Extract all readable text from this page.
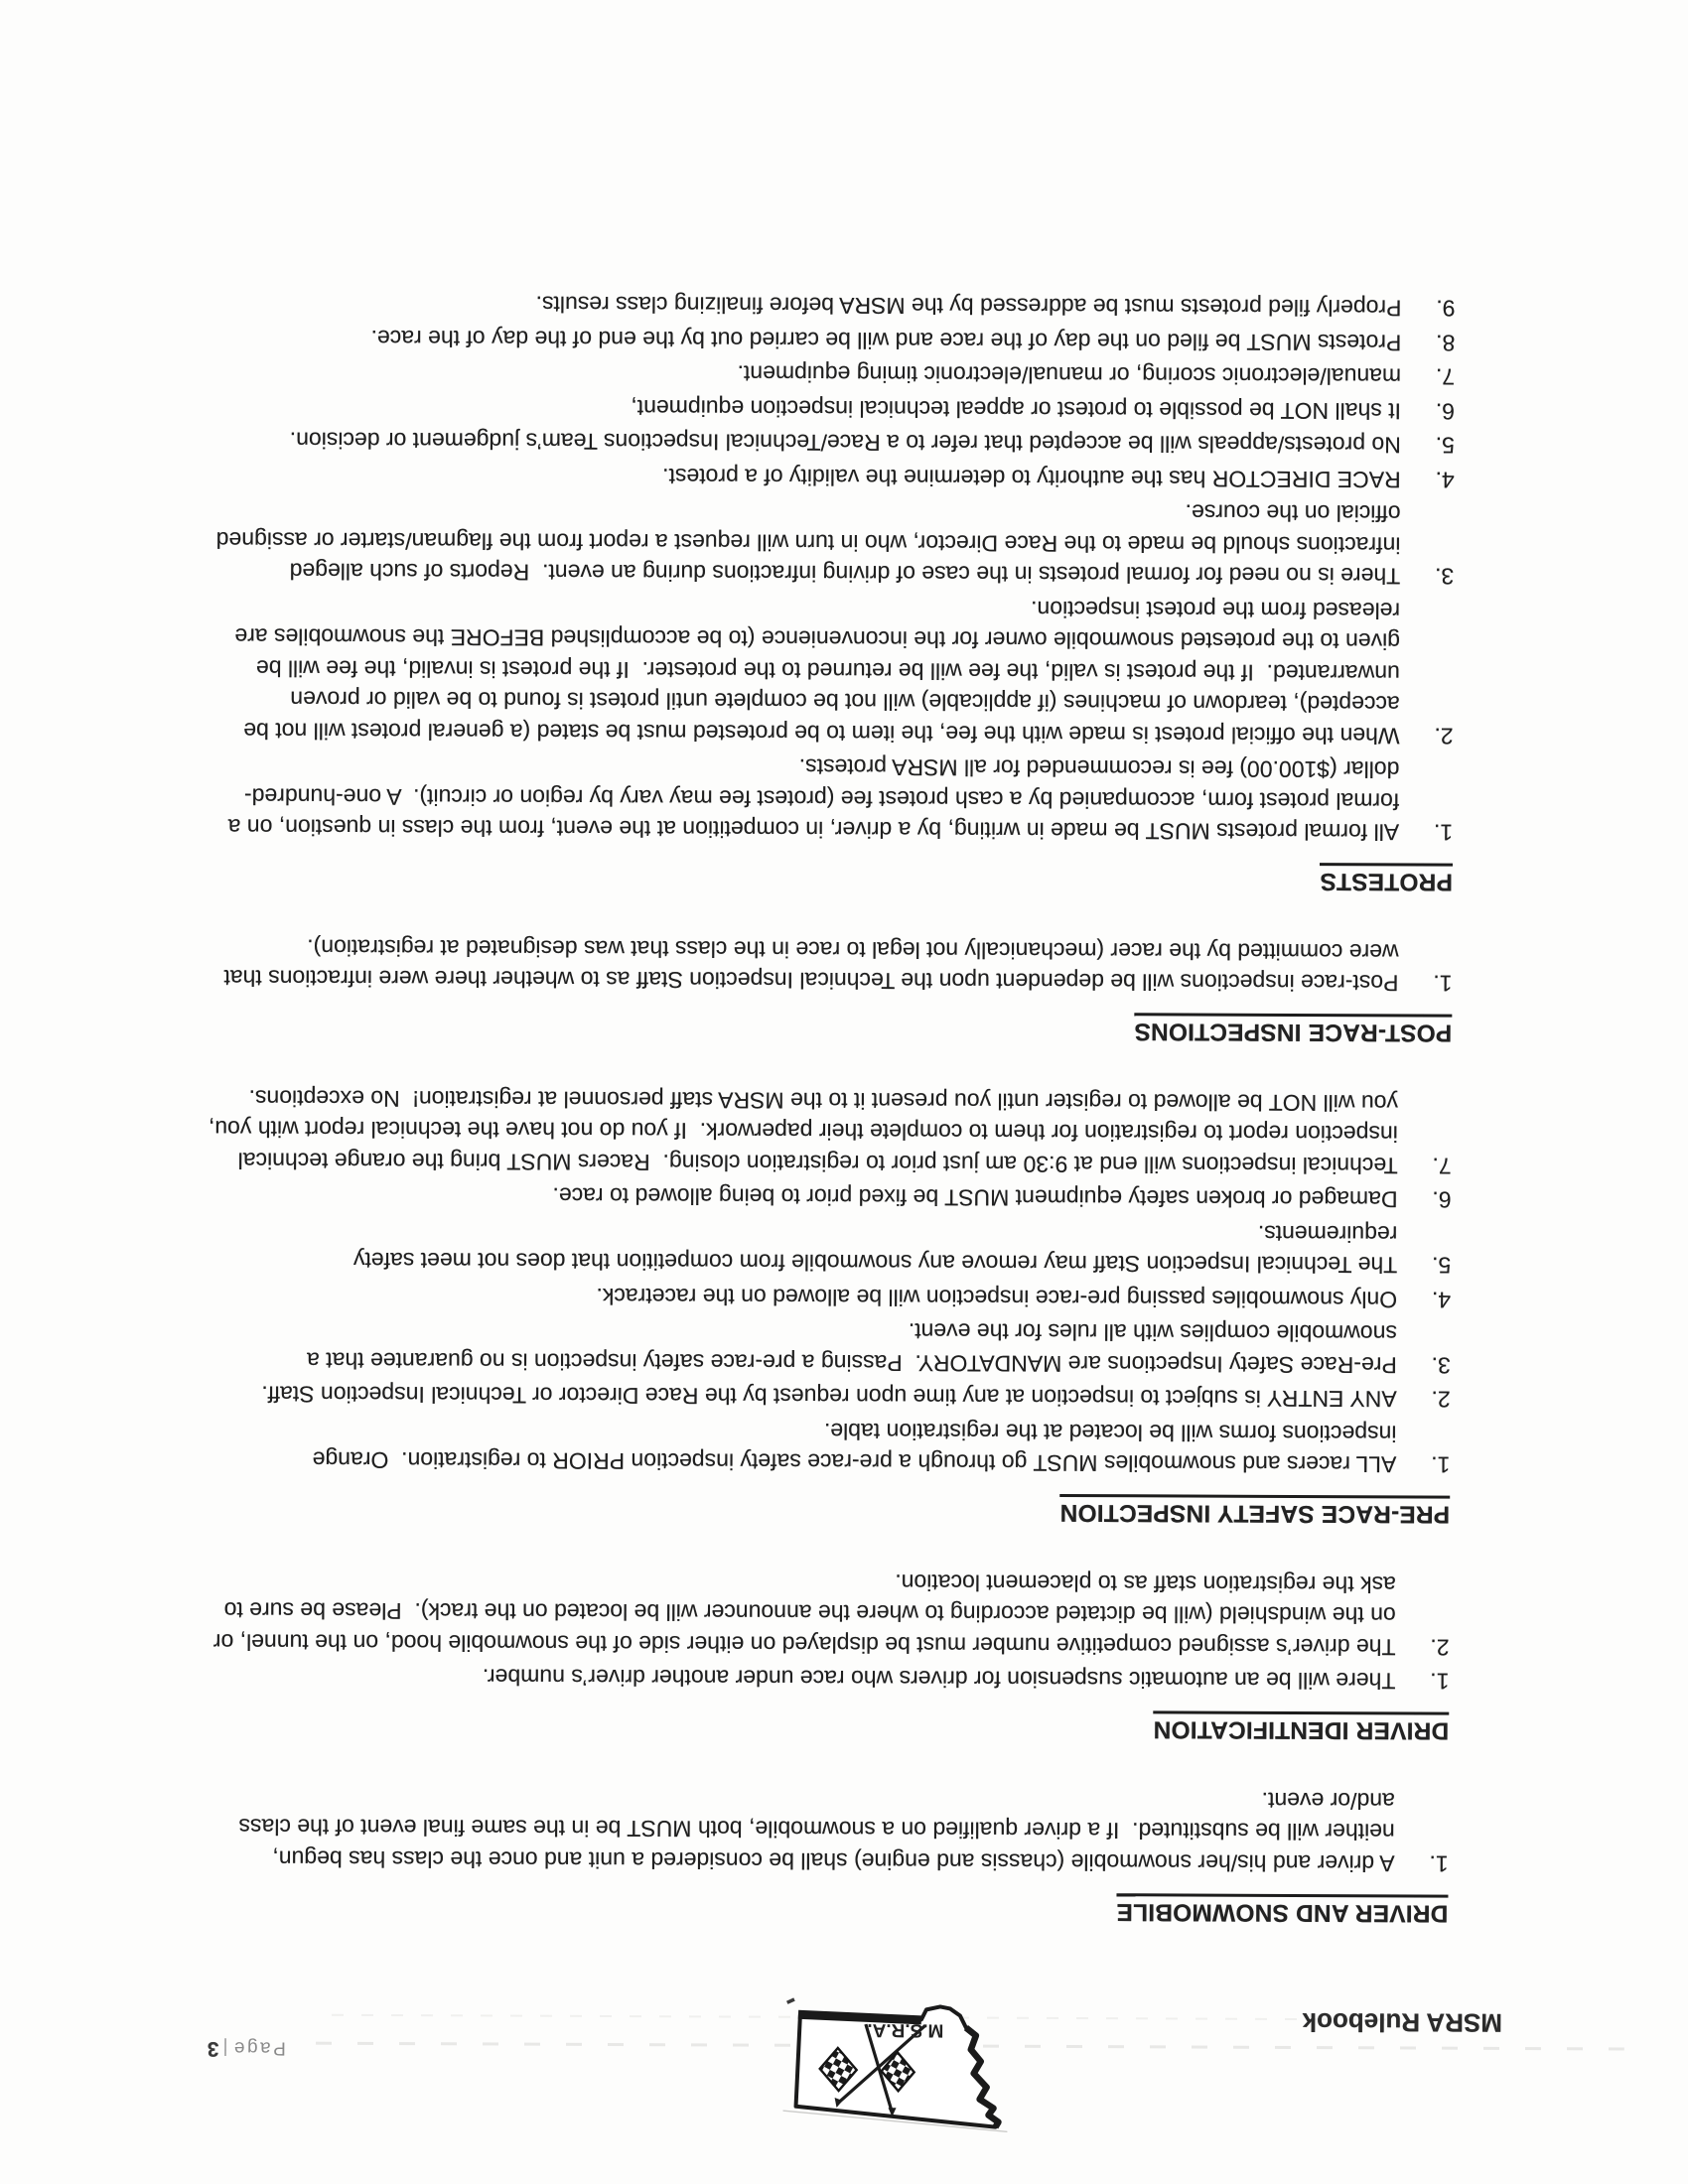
MSRA Rulebook
M.S.R.A.
Page|3
DRIVER AND SNOWMOBILE
1.
A driver and his/her snowmobile (chassis and engine) shall be considered a unit and once the class has begun, neither will be substituted.  If a driver qualified on a snowmobile, both MUST be in the same final event of the class and/or event.
DRIVER IDENTIFICATION
1.
There will be an automatic suspension for drivers who race under another driver’s number.
2.
The driver’s assigned competitive number must be displayed on either side of the snowmobile hood, on the tunnel, or on the windshield (will be dictated according to where the announcer will be located on the track).  Please be sure to ask the registration staff as to placement location.
PRE-RACE SAFETY INSPECTION
1.
ALL racers and snowmobiles MUST go through a pre-race safety inspection PRIOR to registration.  Orange inspections forms will be located at the registration table.
2.
ANY ENTRY is subject to inspection at any time upon request by the Race Director or Technical Inspection Staff.
3.
Pre-Race Safety Inspections are MANDATORY.  Passing a pre-race safety inspection is no guarantee that a snowmobile complies with all rules for the event.
4.
Only snowmobiles passing pre-race inspection will be allowed on the racetrack.
5.
The Technical Inspection Staff may remove any snowmobile from competition that does not meet safety requirements.
6.
Damaged or broken safety equipment MUST be fixed prior to being allowed to race.
7.
Technical inspections will end at 9:30 am just prior to registration closing.  Racers MUST bring the orange technical inspection report to registration for them to complete their paperwork.  If you do not have the technical report with you, you will NOT be allowed to register until you present it to the MSRA staff personnel at registration!  No exceptions.
POST-RACE INSPECTIONS
1.
Post-race inspections will be dependent upon the Technical Inspection Staff as to whether there were infractions that were committed by the racer (mechanically not legal to race in the class that was designated at registration).
PROTESTS
1.
All formal protests MUST be made in writing, by a driver, in competition at the event, from the class in question, on a formal protest form, accompanied by a cash protest fee (protest fee may vary by region or circuit).  A one-hundred-dollar ($100.00) fee is recommended for all MSRA protests.
2.
When the official protest is made with the fee, the item to be protested must be stated (a general protest will not be accepted), teardown of machines (if applicable) will not be complete until protest is found to be valid or proven unwarranted.  If the protest is valid, the fee will be returned to the protester.  If the protest is invalid, the fee will be given to the protested snowmobile owner for the inconvenience (to be accomplished BEFORE the snowmobiles are released from the protest inspection.
3.
There is no need for formal protests in the case of driving infractions during an event.  Reports of such alleged infractions should be made to the Race Director, who in turn will request a report from the flagman/starter or assigned official on the course.
4.
RACE DIRECTOR has the authority to determine the validity of a protest.
5.
No protests/appeals will be accepted that refer to a Race/Technical Inspections Team’s judgement or decision.
6.
It shall NOT be possible to protest or appeal technical inspection equipment,
7.
manual/electronic scoring, or manual/electronic timing equipment.
8.
Protests MUST be filed on the day of the race and will be carried out by the end of the day of the race.
9.
Properly filed protests must be addressed by the MSRA before finalizing class results.
